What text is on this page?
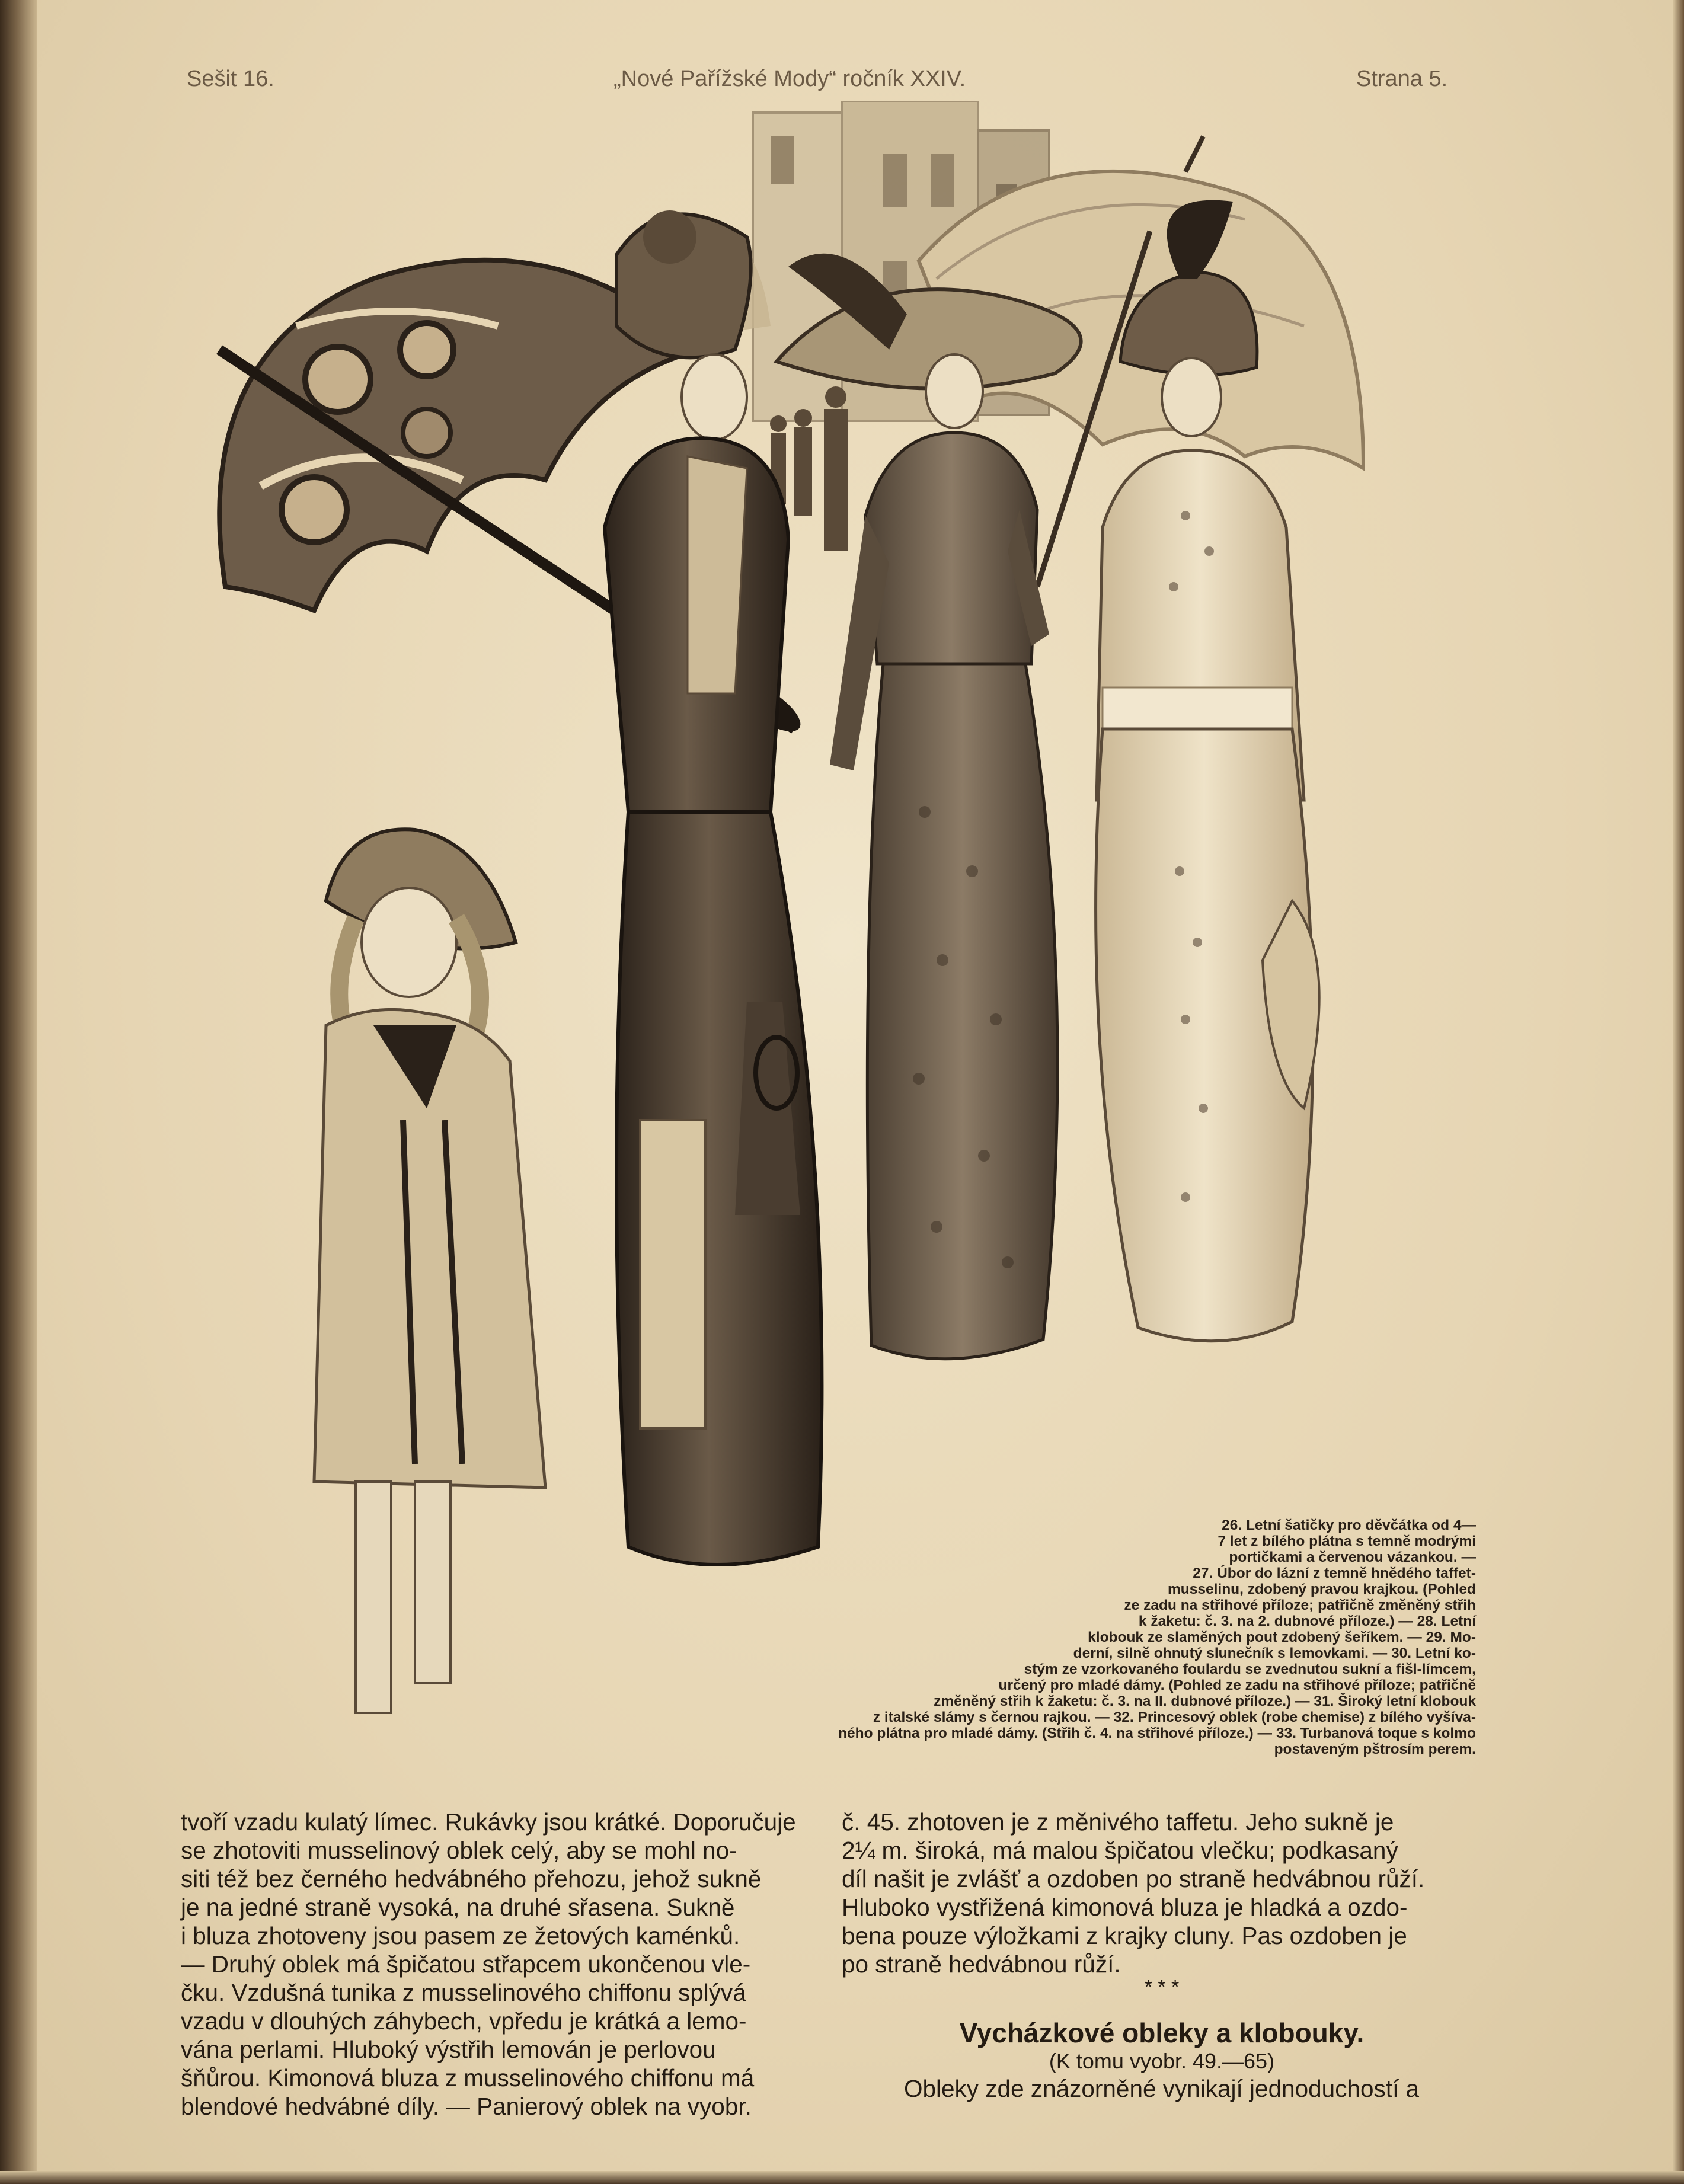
Sešit 16.	„Nové Pařížské Mody“ ročník XXIV.	Strana 5.
26. Letní šatičky pro děvčátka od 4—
7 let z bílého plátna s temně modrými
portičkami a červenou vázankou. —
27. Úbor do lázní z temně hnědého taffet-
musselinu, zdobený pravou krajkou. (Pohled
ze zadu na střihové příloze; patřičně změněný střih
k žaketu: č. 3. na 2. dubnové příloze.) — 28. Letní
klobouk ze slaměných pout zdobený šeříkem. — 29. Mo-
derní, silně ohnutý slunečník s lemovkami. — 30. Letní ko-
stým ze vzorkovaného foulardu se zvednutou sukní a fišl-límcem,
určený pro mladé dámy. (Pohled ze zadu na střihové příloze; patřičně
změněný střih k žaketu: č. 3. na II. dubnové příloze.) — 31. Široký letní klobouk
z italské slámy s černou rajkou. — 32. Princesový oblek (robe chemise) z bílého vyšíva-
ného plátna pro mladé dámy. (Střih č. 4. na střihové příloze.) — 33. Turbanová toque s kolmo
postaveným pštrosím perem.
tvoří vzadu kulatý límec. Rukávky jsou krátké. Doporučuje
se zhotoviti musselinový oblek celý, aby se mohl no-
siti též bez černého hedvábného přehozu, jehož sukně
je na jedné straně vysoká, na druhé sřasena. Sukně
i bluza zhotoveny jsou pasem ze žetových kaménků.
— Druhý oblek má špičatou střapcem ukončenou vle-
čku. Vzdušná tunika z musselinového chiffonu splývá
vzadu v dlouhých záhybech, vpředu je krátká a lemo-
vána perlami. Hluboký výstřih lemován je perlovou
šňůrou. Kimonová bluza z musselinového chiffonu má
blendové hedvábné díly. — Panierový oblek na vyobr.
č. 45. zhotoven je z měnivého taffetu. Jeho sukně je
2¼ m. široká, má malou špičatou vlečku; podkasaný
díl našit je zvlášť a ozdoben po straně hedvábnou růží.
Hluboko vystřižená kimonová bluza je hladká a ozdo-
bena pouze výložkami z krajky cluny. Pas ozdoben je
po straně hedvábnou růží.
* * *
Vycházkové obleky a klobouky.
(K tomu vyobr. 49.—65)
Obleky zde znázorněné vynikají jednoduchostí a
